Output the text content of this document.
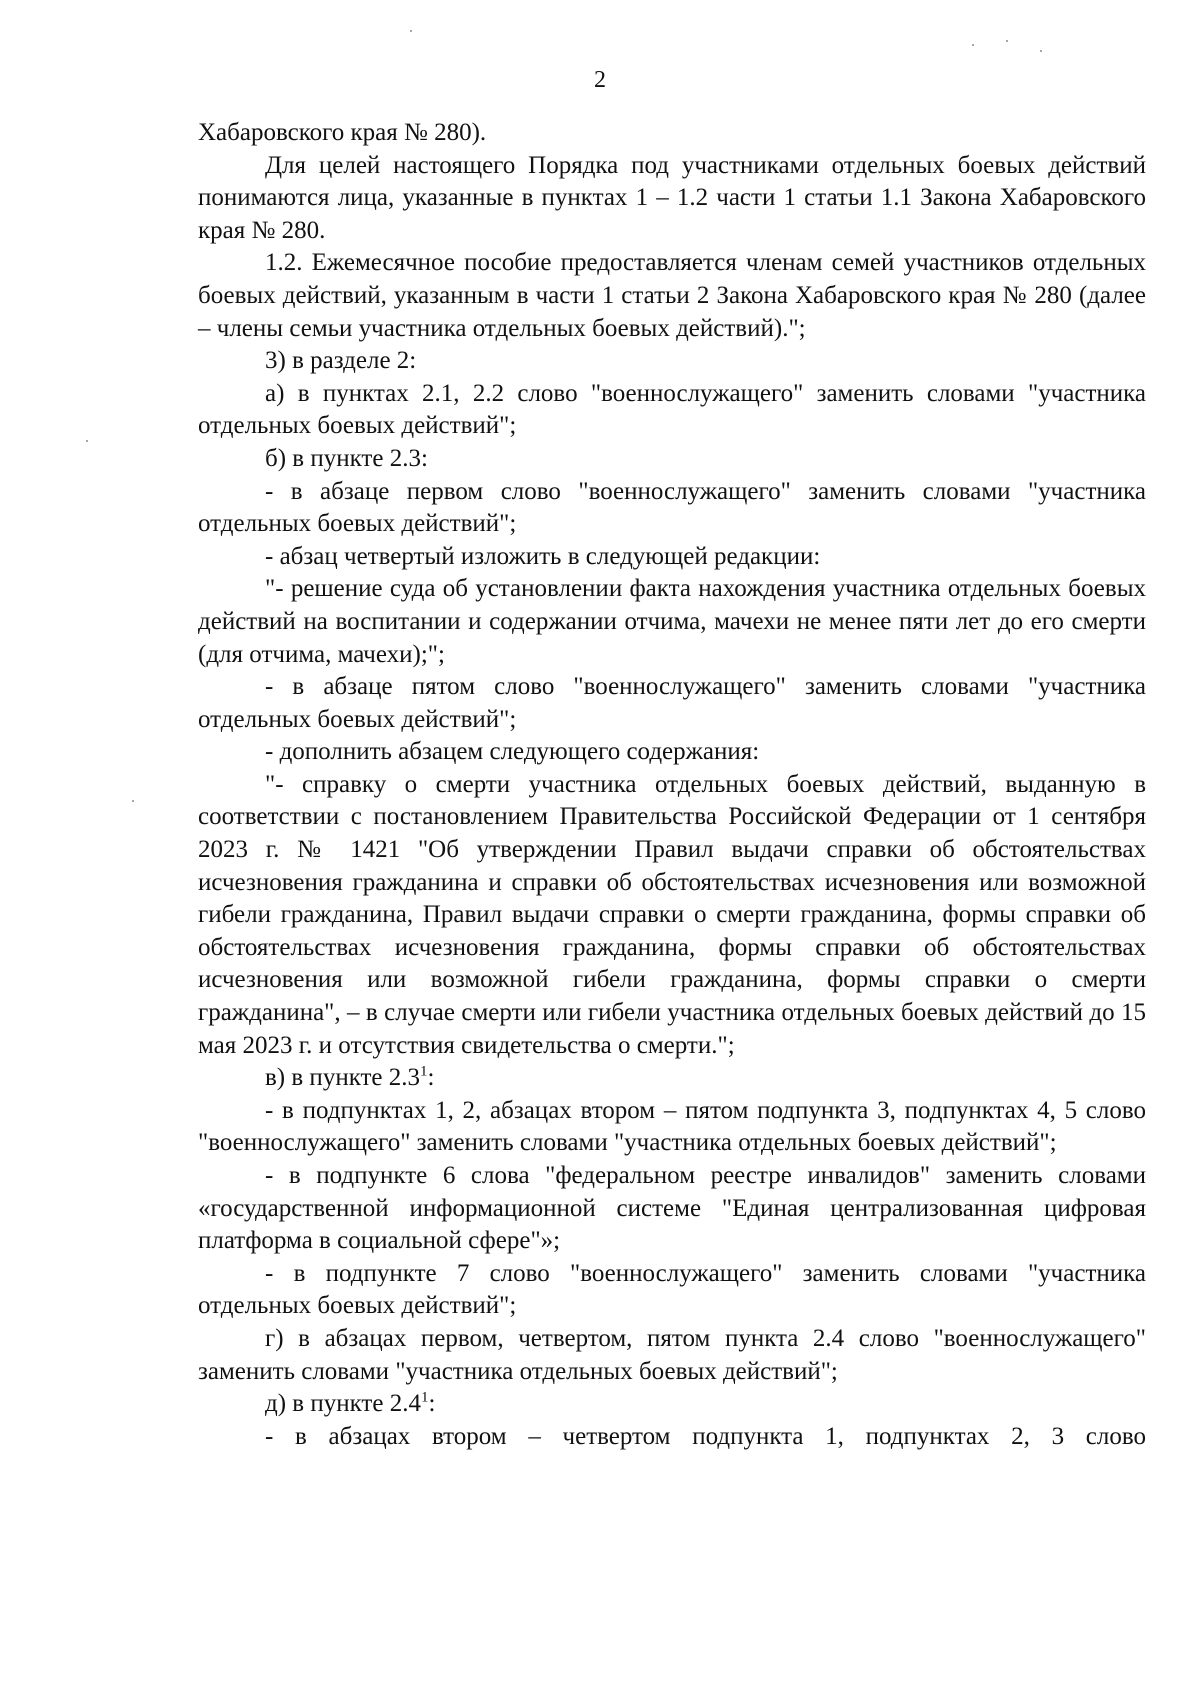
2

Хабаровского края № 280).

Для целей настоящего Порядка под участниками отдельных боевых действий понимаются лица, указанные в пунктах 1 – 1.2 части 1 статьи 1.1 Закона Хабаровского края № 280.

1.2. Ежемесячное пособие предоставляется членам семей участников отдельных боевых действий, указанным в части 1 статьи 2 Закона Хабаровского края № 280 (далее – члены семьи участника отдельных боевых действий).";

3) в разделе 2:

а) в пунктах 2.1, 2.2 слово "военнослужащего" заменить словами "участника отдельных боевых действий";

б) в пункте 2.3:

- в абзаце первом слово "военнослужащего" заменить словами "участника отдельных боевых действий";

- абзац четвертый изложить в следующей редакции:

"- решение суда об установлении факта нахождения участника отдельных боевых действий на воспитании и содержании отчима, мачехи не менее пяти лет до его смерти (для отчима, мачехи);";

- в абзаце пятом слово "военнослужащего" заменить словами "участника отдельных боевых действий";

- дополнить абзацем следующего содержания:

"- справку о смерти участника отдельных боевых действий, выданную в соответствии с постановлением Правительства Российской Федерации от 1 сентября 2023 г. № 1421 "Об утверждении Правил выдачи справки об обстоятельствах исчезновения гражданина и справки об обстоятельствах исчезновения или возможной гибели гражданина, Правил выдачи справки о смерти гражданина, формы справки об обстоятельствах исчезновения гражданина, формы справки об обстоятельствах исчезновения или возможной гибели гражданина, формы справки о смерти гражданина", – в случае смерти или гибели участника отдельных боевых действий до 15 мая 2023 г. и отсутствия свидетельства о смерти.";

в) в пункте $2.3^1$:

- в подпунктах 1, 2, абзацах втором – пятом подпункта 3, подпунктах 4, 5 слово "военнослужащего" заменить словами "участника отдельных боевых действий";

- в подпункте 6 слова "федеральном реестре инвалидов" заменить словами «государственной информационной системе "Единая централизованная цифровая платформа в социальной сфере"»;

- в подпункте 7 слово "военнослужащего" заменить словами "участника отдельных боевых действий";

г) в абзацах первом, четвертом, пятом пункта 2.4 слово "военнослужащего" заменить словами "участника отдельных боевых действий";

д) в пункте $2.4^1$:

- в абзацах втором – четвертом подпункта 1, подпунктах 2, 3 слово
